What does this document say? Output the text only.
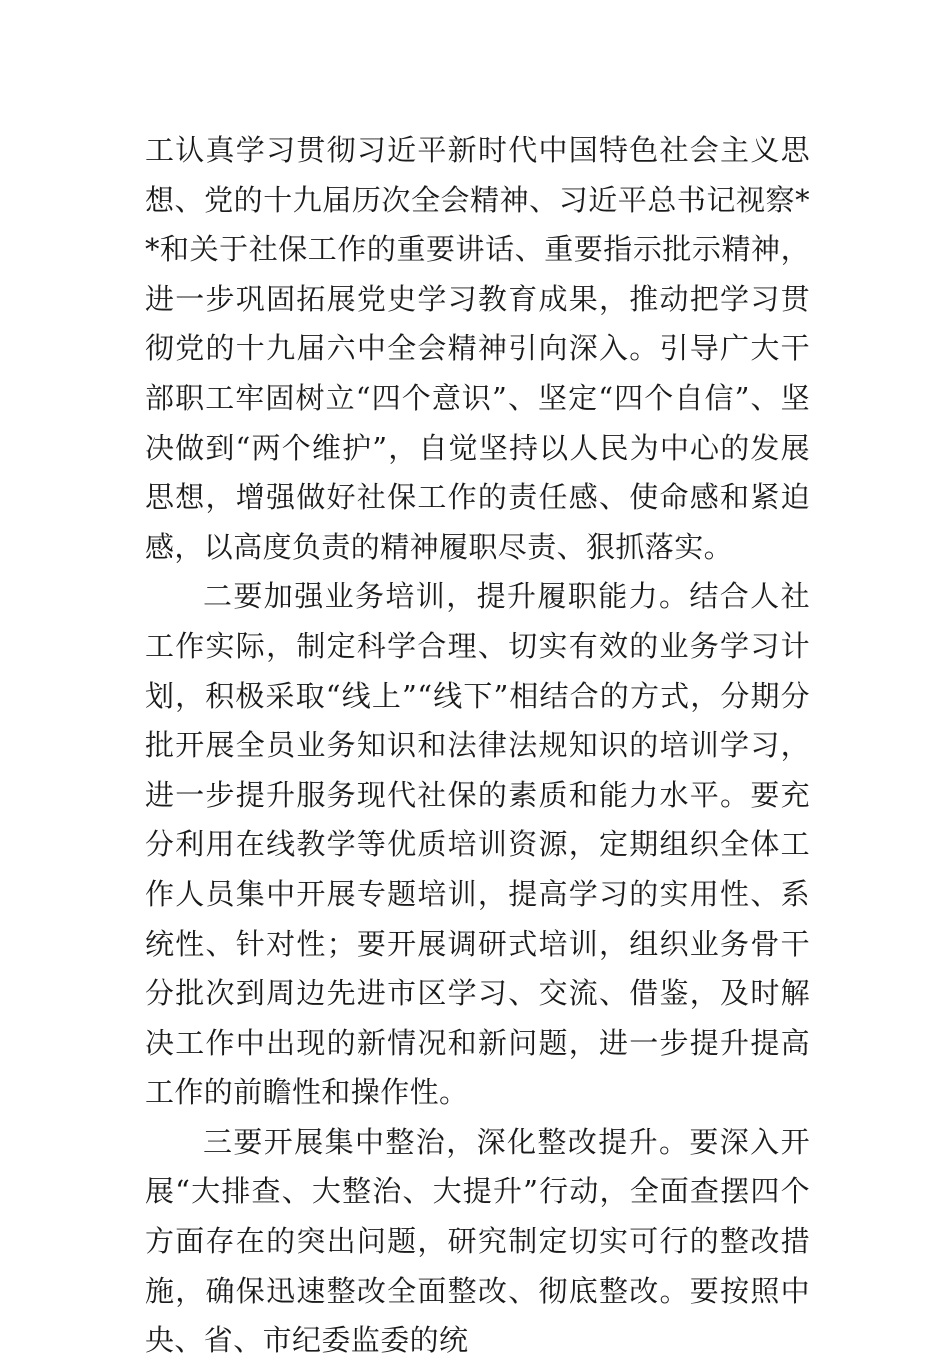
工认真学习贯彻习近平新时代中国特色社会主义思想、党的十九届历次全会精神、习近平总书记视察**和关于社保工作的重要讲话、重要指示批示精神，进一步巩固拓展党史学习教育成果，推动把学习贯彻党的十九届六中全会精神引向深入。引导广大干部职工牢固树立“四个意识”、坚定“四个自信”、坚决做到“两个维护”，自觉坚持以人民为中心的发展思想，增强做好社保工作的责任感、使命感和紧迫感，以高度负责的精神履职尽责、狠抓落实。

二要加强业务培训，提升履职能力。结合人社工作实际，制定科学合理、切实有效的业务学习计划，积极采取“线上”“线下”相结合的方式，分期分批开展全员业务知识和法律法规知识的培训学习，进一步提升服务现代社保的素质和能力水平。要充分利用在线教学等优质培训资源，定期组织全体工作人员集中开展专题培训，提高学习的实用性、系统性、针对性；要开展调研式培训，组织业务骨干分批次到周边先进市区学习、交流、借鉴，及时解决工作中出现的新情况和新问题，进一步提升提高工作的前瞻性和操作性。

三要开展集中整治，深化整改提升。要深入开展“大排查、大整治、大提升”行动，全面查摆四个方面存在的突出问题，研究制定切实可行的整改措施，确保迅速整改全面整改、彻底整改。要按照中央、省、市纪委监委的统
